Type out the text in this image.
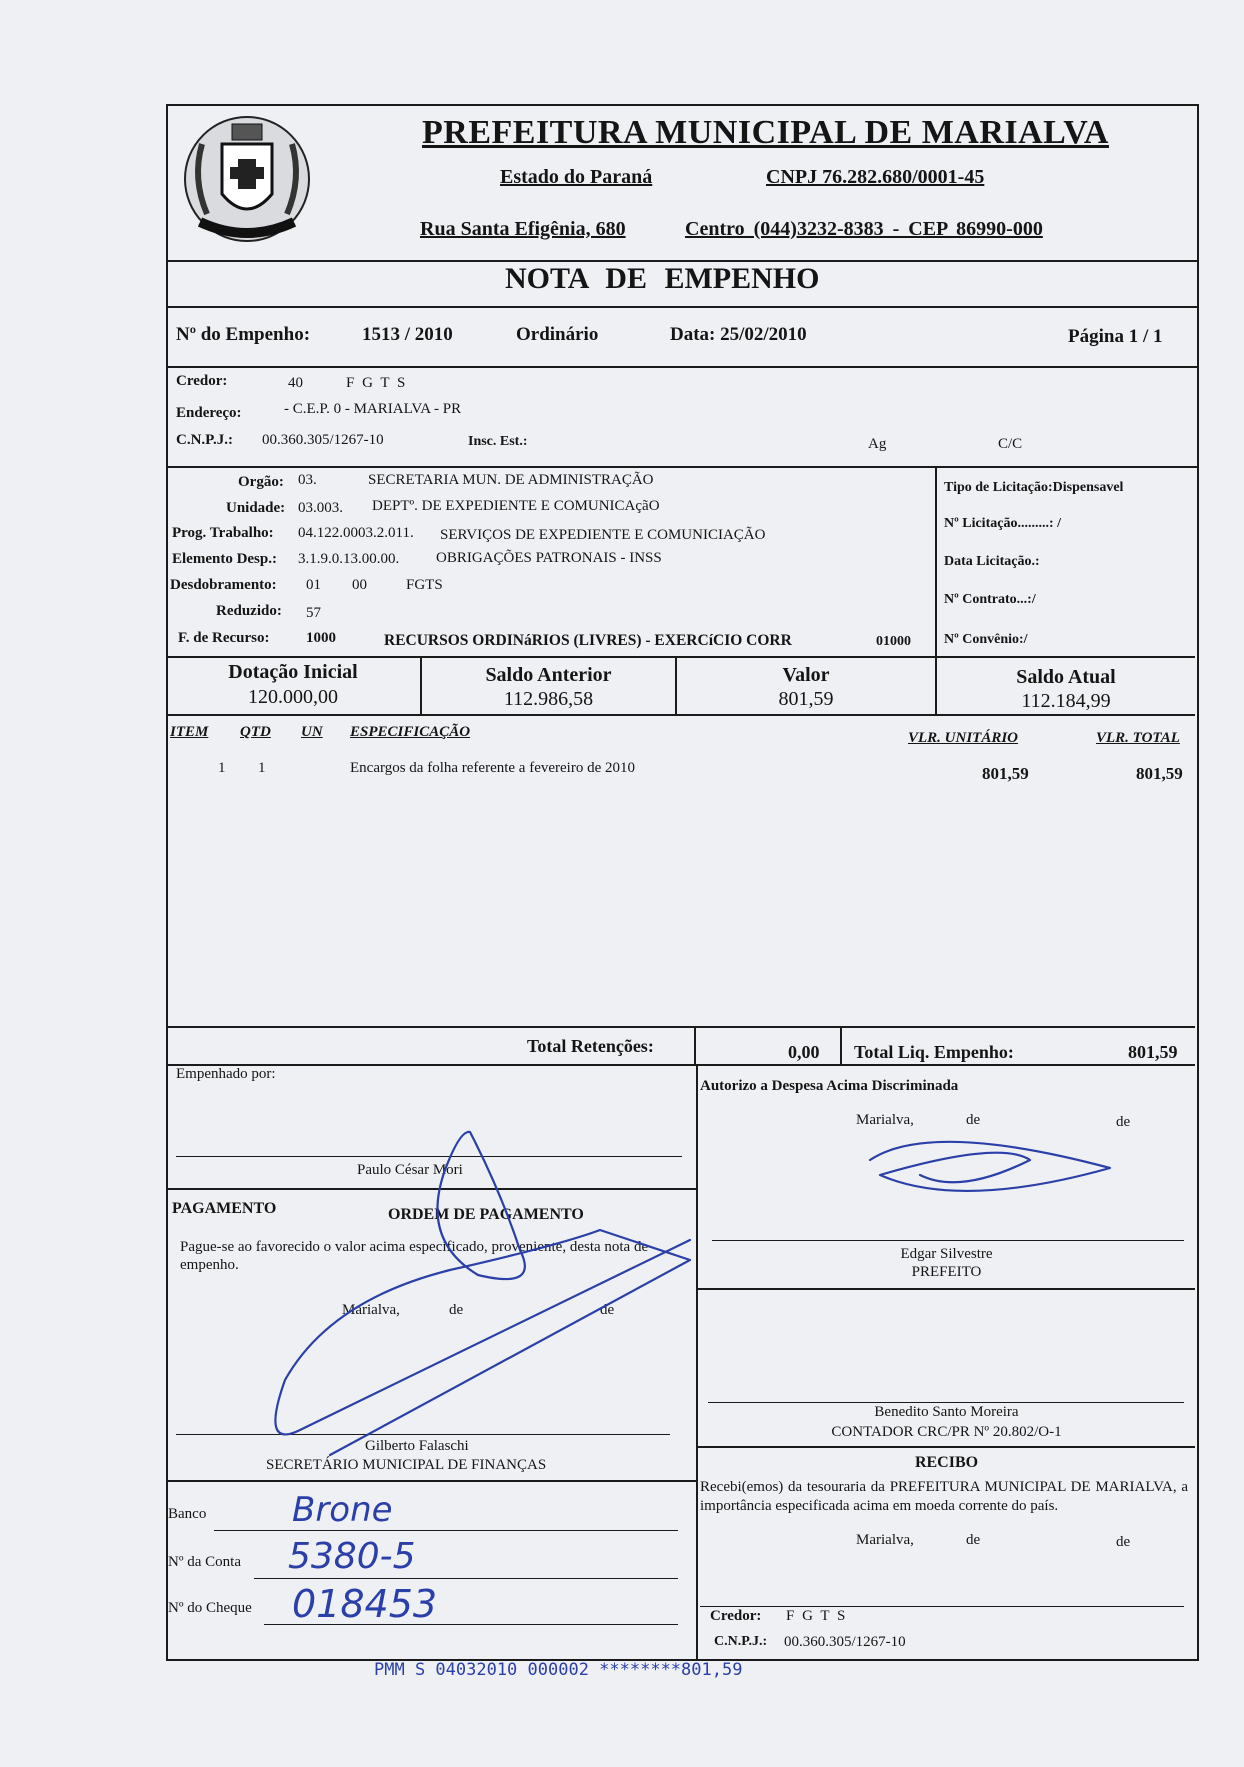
PREFEITURA MUNICIPAL DE MARIALVA
Estado do Paraná	CNPJ 76.282.680/0001-45
Rua Santa Efigênia, 680	Centro (044)3232-8383 - CEP 86990-000
NOTA DE EMPENHO
Nº do Empenho:	1513 / 2010	Ordinário	Data: 25/02/2010	Página 1 / 1
Credor:	40	F G T S
Endereço:	- C.E.P. 0 - MARIALVA - PR
C.N.P.J.: 00.360.305/1267-10	Insc. Est.:	Ag	C/C
Orgão: 03.	SECRETARIA MUN. DE ADMINISTRAÇÃO
Unidade: 03.003. DEPTº. DE EXPEDIENTE E COMUNICAçãO
Prog. Trabalho: 04.122.0003.2.011. SERVIÇOS DE EXPEDIENTE E COMUNICIAÇÃO
Elemento Desp.: 3.1.9.0.13.00.00. OBRIGAÇÕES PATRONAIS - INSS
Desdobramento: 01 00	FGTS
Reduzido: 57
F. de Recurso: 1000	RECURSOS ORDINáRIOS (LIVRES) - EXERCíCIO CORR	01000
Tipo de Licitação:Dispensavel
Nº Licitação.........: /
Data Licitação.:
Nº Contrato...:/
Nº Convênio:/
Dotação Inicial
120.000,00
Saldo Anterior
112.986,58
Valor
801,59
Saldo Atual
112.184,99
ITEM QTD UN ESPECIFICAÇÃO	VLR. UNITÁRIO	VLR. TOTAL
1 1	Encargos da folha referente a fevereiro de 2010	801,59	801,59
Total Retenções:	0,00 Total Liq. Empenho:	801,59
Empenhado por:
Paulo César Mori
PAGAMENTO	ORDEM DE PAGAMENTO
Pague-se ao favorecido o valor acima especificado, proveniente, desta nota de empenho.
Marialva,	de	de
Gilberto Falaschi
SECRETÁRIO MUNICIPAL DE FINANÇAS
Banco	Brone
Nº da Conta 5380-5
Nº do Cheque 018453
Autorizo a Despesa Acima Discriminada
Marialva,	de	de
Edgar Silvestre
PREFEITO
Benedito Santo Moreira
CONTADOR CRC/PR Nº 20.802/O-1
RECIBO
Recebi(emos) da tesouraria da PREFEITURA MUNICIPAL DE MARIALVA, a importância especificada acima em moeda corrente do país.
Marialva,	de	de
Credor: F G T S
C.N.P.J.: 00.360.305/1267-10
PMM S 04032010 000002 ********801,59
